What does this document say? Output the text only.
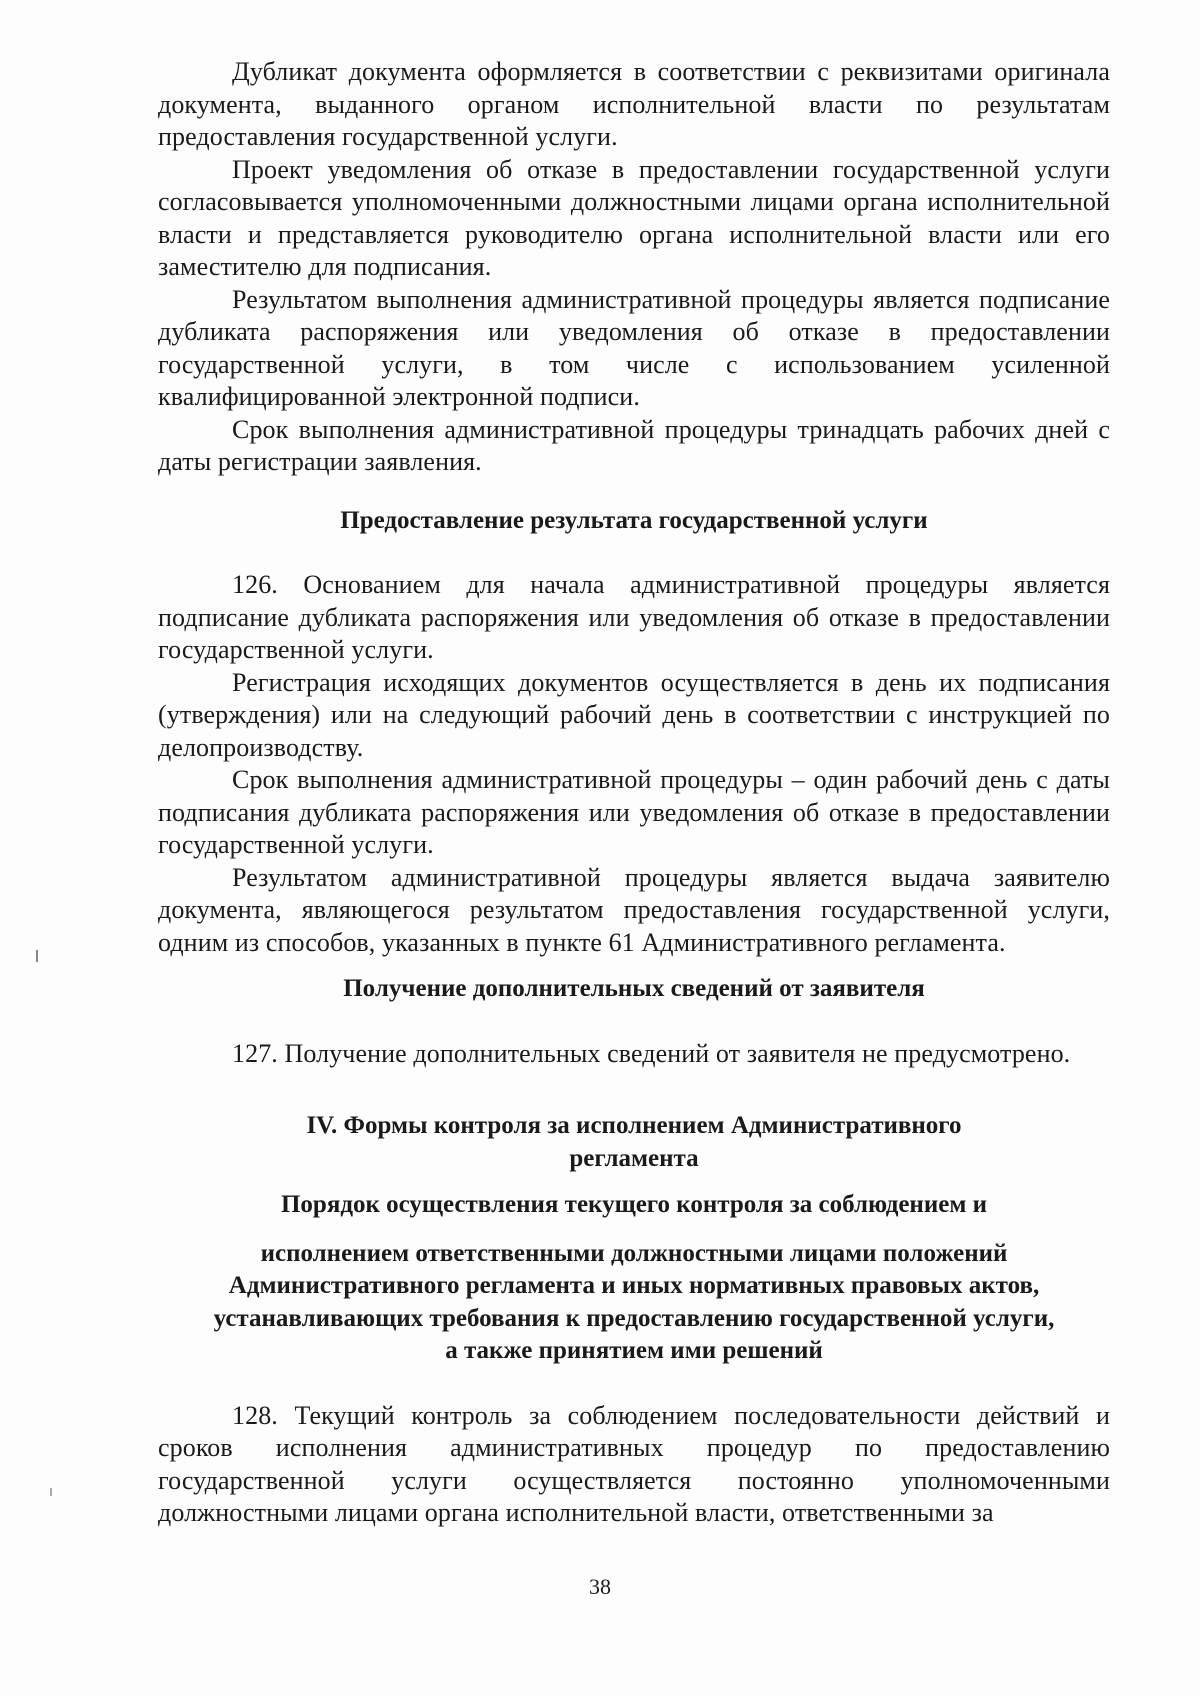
Дубликат документа оформляется в соответствии с реквизитами оригинала документа, выданного органом исполнительной власти по результатам предоставления государственной услуги.

Проект уведомления об отказе в предоставлении государственной услуги согласовывается уполномоченными должностными лицами органа исполнительной власти и представляется руководителю органа исполнительной власти или его заместителю для подписания.

Результатом выполнения административной процедуры является подписание дубликата распоряжения или уведомления об отказе в предоставлении государственной услуги, в том числе с использованием усиленной квалифицированной электронной подписи.

Срок выполнения административной процедуры тринадцать рабочих дней с даты регистрации заявления.

Предоставление результата государственной услуги

126. Основанием для начала административной процедуры является подписание дубликата распоряжения или уведомления об отказе в предоставлении государственной услуги.

Регистрация исходящих документов осуществляется в день их подписания (утверждения) или на следующий рабочий день в соответствии с инструкцией по делопроизводству.

Срок выполнения административной процедуры – один рабочий день с даты подписания дубликата распоряжения или уведомления об отказе в предоставлении государственной услуги.

Результатом административной процедуры является выдача заявителю документа, являющегося результатом предоставления государственной услуги, одним из способов, указанных в пункте 61 Административного регламента.

Получение дополнительных сведений от заявителя

127. Получение дополнительных сведений от заявителя не предусмотрено.

IV. Формы контроля за исполнением Административного
регламента
Порядок осуществления текущего контроля за соблюдением и

исполнением ответственными должностными лицами положений
Административного регламента и иных нормативных правовых актов,
устанавливающих требования к предоставлению государственной услуги,
а также принятием ими решений

128. Текущий контроль за соблюдением последовательности действий и сроков исполнения административных процедур по предоставлению государственной услуги осуществляется постоянно уполномоченными должностными лицами органа исполнительной власти, ответственными за

38
